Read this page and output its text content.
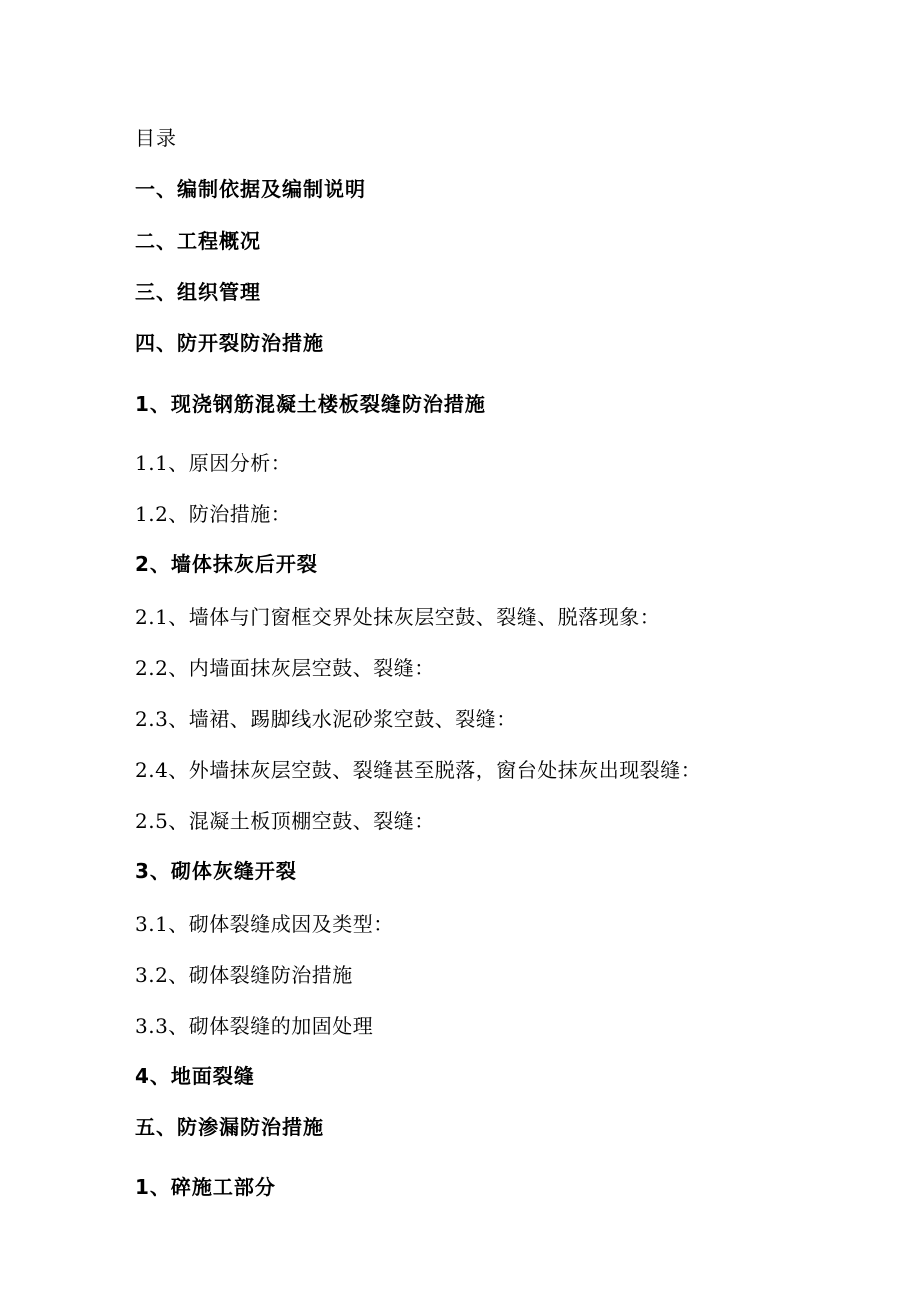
目录
一、编制依据及编制说明
二、工程概况
三、组织管理
四、防开裂防治措施
1、现浇钢筋混凝土楼板裂缝防治措施
1.1、原因分析：
1.2、防治措施：
2、墙体抹灰后开裂
2.1、墙体与门窗框交界处抹灰层空鼓、裂缝、脱落现象：
2.2、内墙面抹灰层空鼓、裂缝：
2.3、墙裙、踢脚线水泥砂浆空鼓、裂缝：
2.4、外墙抹灰层空鼓、裂缝甚至脱落，窗台处抹灰出现裂缝：
2.5、混凝土板顶棚空鼓、裂缝：
3、砌体灰缝开裂
3.1、砌体裂缝成因及类型：
3.2、砌体裂缝防治措施
3.3、砌体裂缝的加固处理
4、地面裂缝
五、防渗漏防治措施
1、碎施工部分
